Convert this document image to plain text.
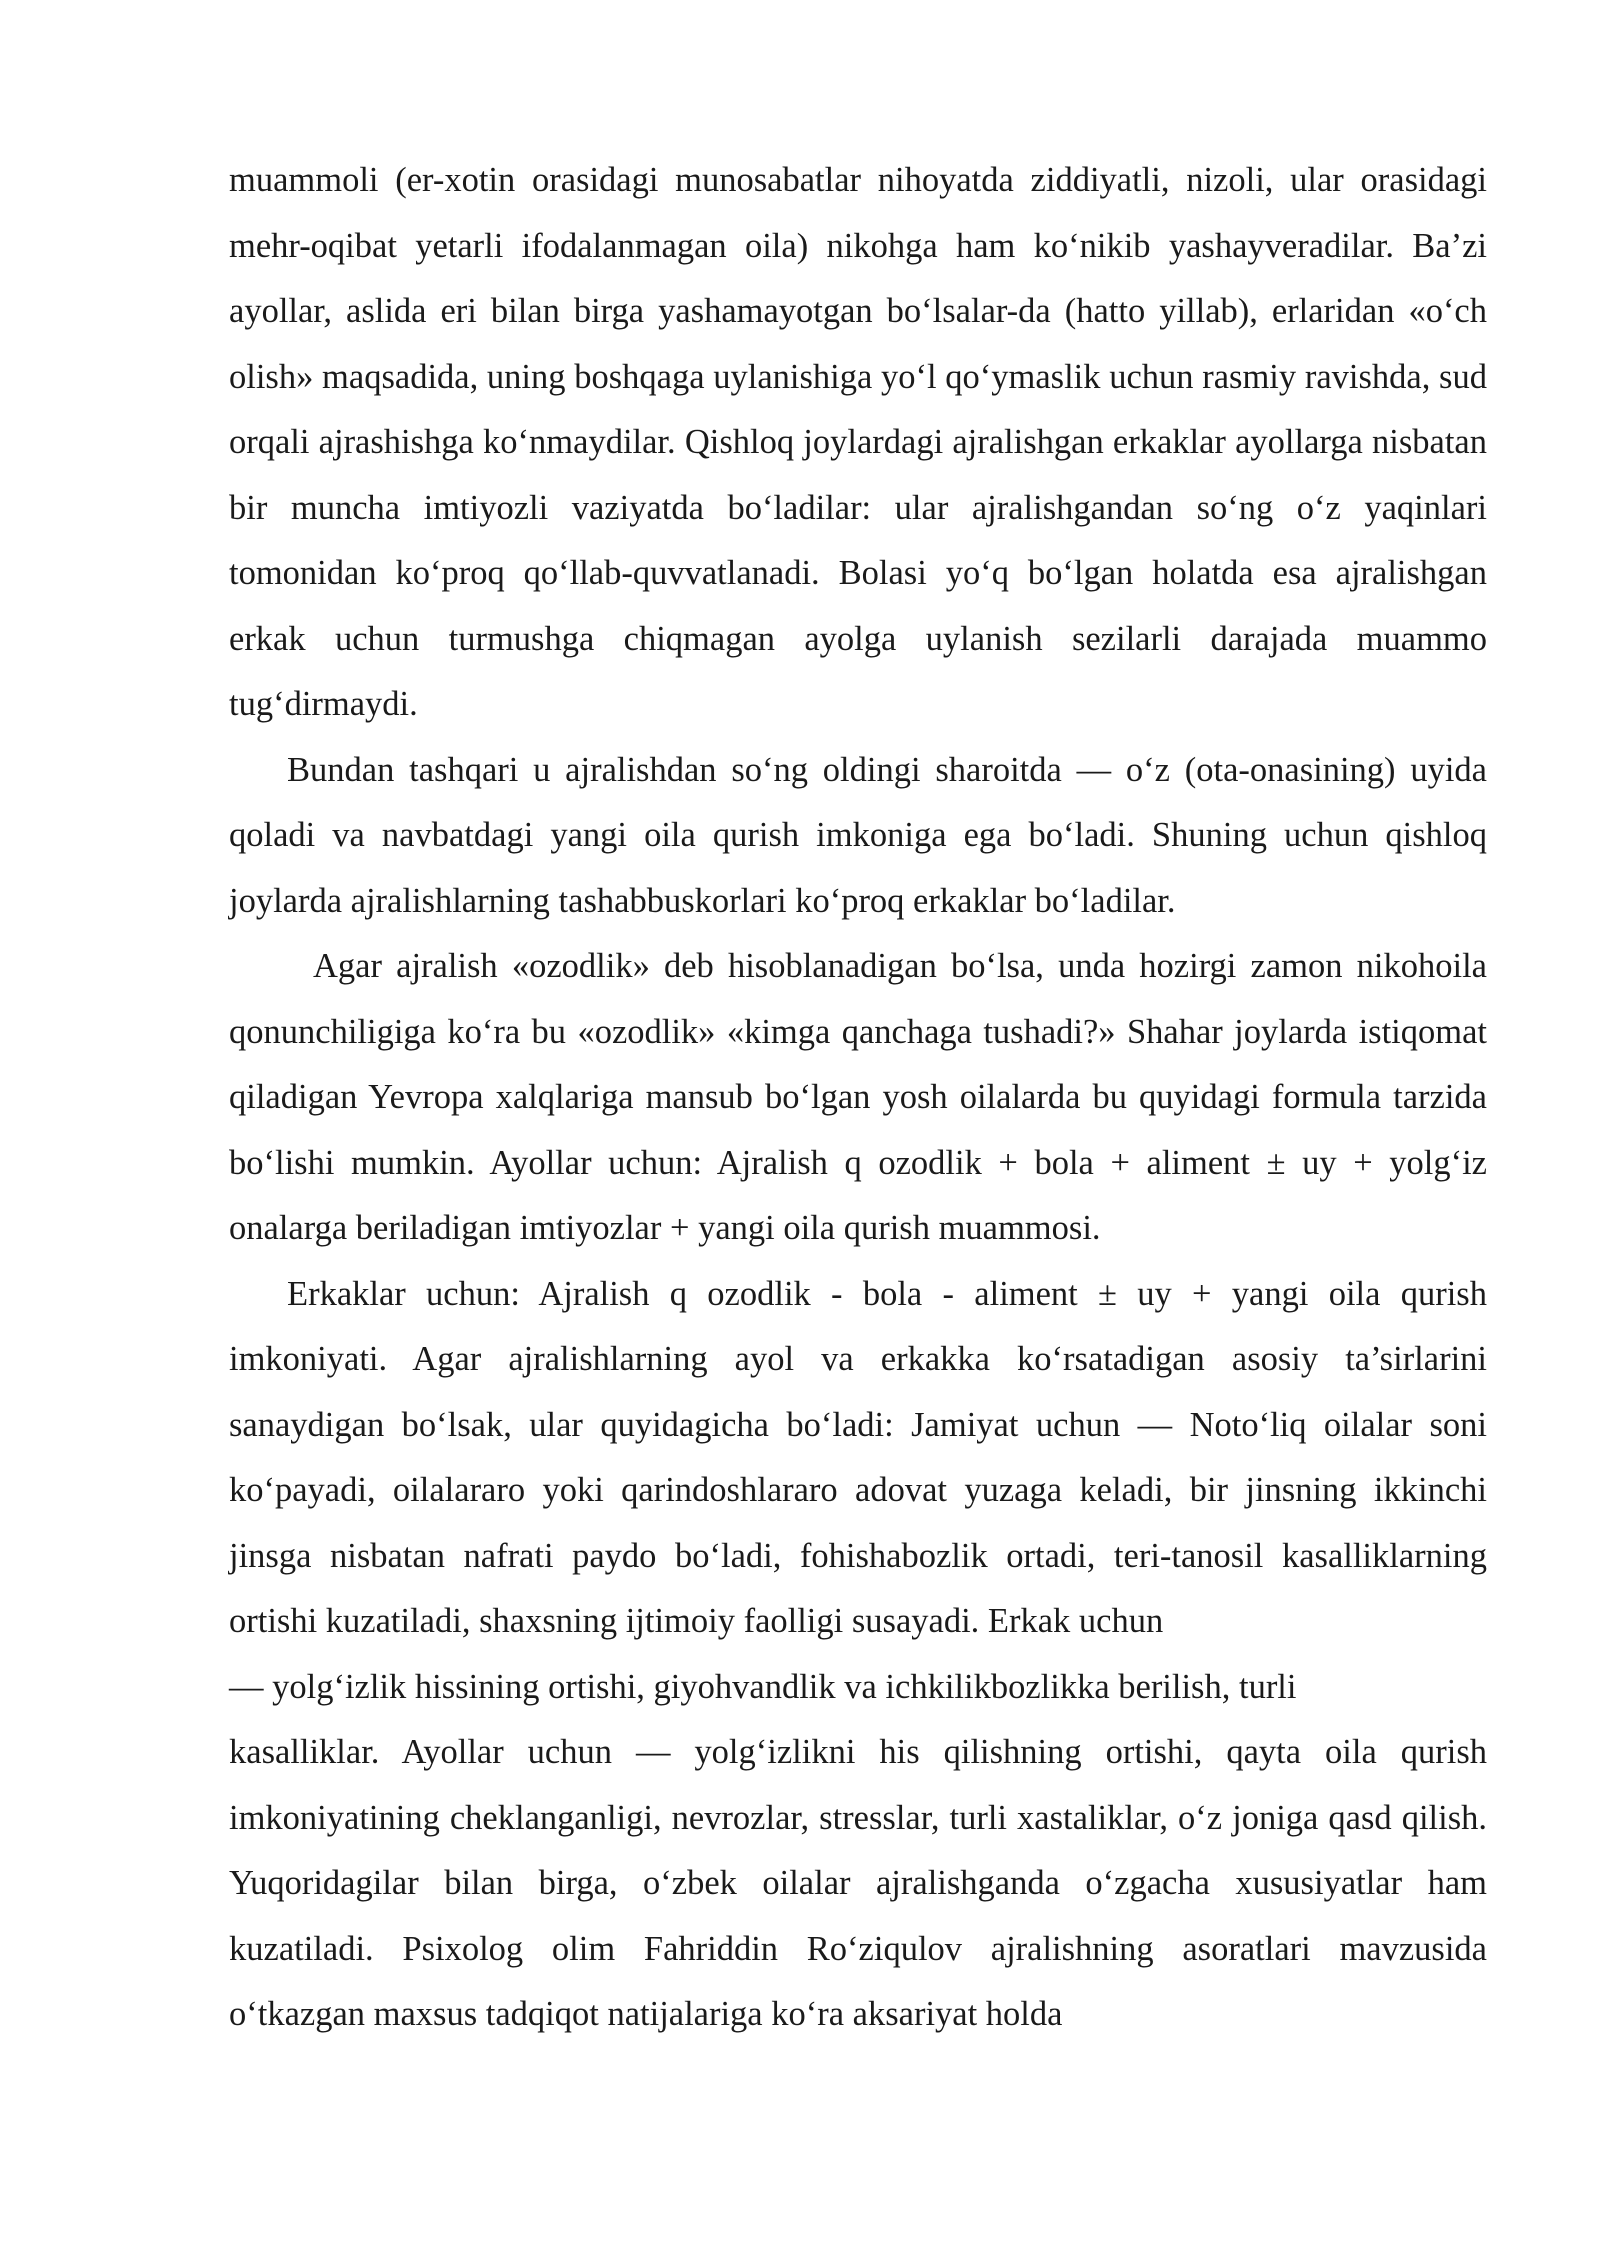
muammoli (er-xotin orasidagi munosabatlar nihoyatda ziddiyatli, nizoli, ular orasidagi mehr-oqibat yetarli ifodalanmagan oila) nikohga ham ko‘nikib yashayveradilar. Ba’zi ayollar, aslida eri bilan birga yashamayotgan bo‘lsalar-da (hatto yillab), erlaridan «o‘ch olish» maqsadida, uning boshqaga uylanishiga yo‘l qo‘ymaslik uchun rasmiy ravishda, sud orqali ajrashishga ko‘nmaydilar. Qishloq joylardagi ajralishgan erkaklar ayollarga nisbatan bir muncha imtiyozli vaziyatda bo‘ladilar: ular ajralishgandan so‘ng o‘z yaqinlari tomonidan ko‘proq qo‘llab-quvvatlanadi. Bolasi yo‘q bo‘lgan holatda esa ajralishgan erkak uchun turmushga chiqmagan ayolga uylanish sezilarli darajada muammo tug‘dirmaydi.

Bundan tashqari u ajralishdan so‘ng oldingi sharoitda — o‘z (ota-onasining) uyida qoladi va navbatdagi yangi oila qurish imkoniga ega bo‘ladi. Shuning uchun qishloq joylarda ajralishlarning tashabbuskorlari ko‘proq erkaklar bo‘ladilar.

Agar ajralish «ozodlik» deb hisoblanadigan bo‘lsa, unda hozirgi zamon nikohoila qonunchiligiga ko‘ra bu «ozodlik» «kimga qanchaga tushadi?» Shahar joylarda istiqomat qiladigan Yevropa xalqlariga mansub bo‘lgan yosh oilalarda bu quyidagi formula tarzida bo‘lishi mumkin. Ayollar uchun: Ajralish q ozodlik + bola + aliment ± uy + yolg‘iz onalarga beriladigan imtiyozlar + yangi oila qurish muammosi.

Erkaklar uchun: Ajralish q ozodlik - bola - aliment ± uy + yangi oila qurish imkoniyati. Agar ajralishlarning ayol va erkakka ko‘rsatadigan asosiy ta’sirlarini sanaydigan bo‘lsak, ular quyidagicha bo‘ladi: Jamiyat uchun — Noto‘liq oilalar soni ko‘payadi, oilalararo yoki qarindoshlararo adovat yuzaga keladi, bir jinsning ikkinchi jinsga nisbatan nafrati paydo bo‘ladi, fohishabozlik ortadi, teri-tanosil kasalliklarning ortishi kuzatiladi, shaxsning ijtimoiy faolligi susayadi. Erkak uchun

— yolg‘izlik hissining ortishi, giyohvandlik va ichkilikbozlikka berilish, turli

kasalliklar. Ayollar uchun — yolg‘izlikni his qilishning ortishi, qayta oila qurish imkoniyatining cheklanganligi, nevrozlar, stresslar, turli xastaliklar, o‘z joniga qasd qilish. Yuqoridagilar bilan birga, o‘zbek oilalar ajralishganda o‘zgacha xususiyatlar ham kuzatiladi. Psixolog olim Fahriddin Ro‘ziqulov ajralishning asoratlari mavzusida o‘tkazgan maxsus tadqiqot natijalariga ko‘ra aksariyat holda
